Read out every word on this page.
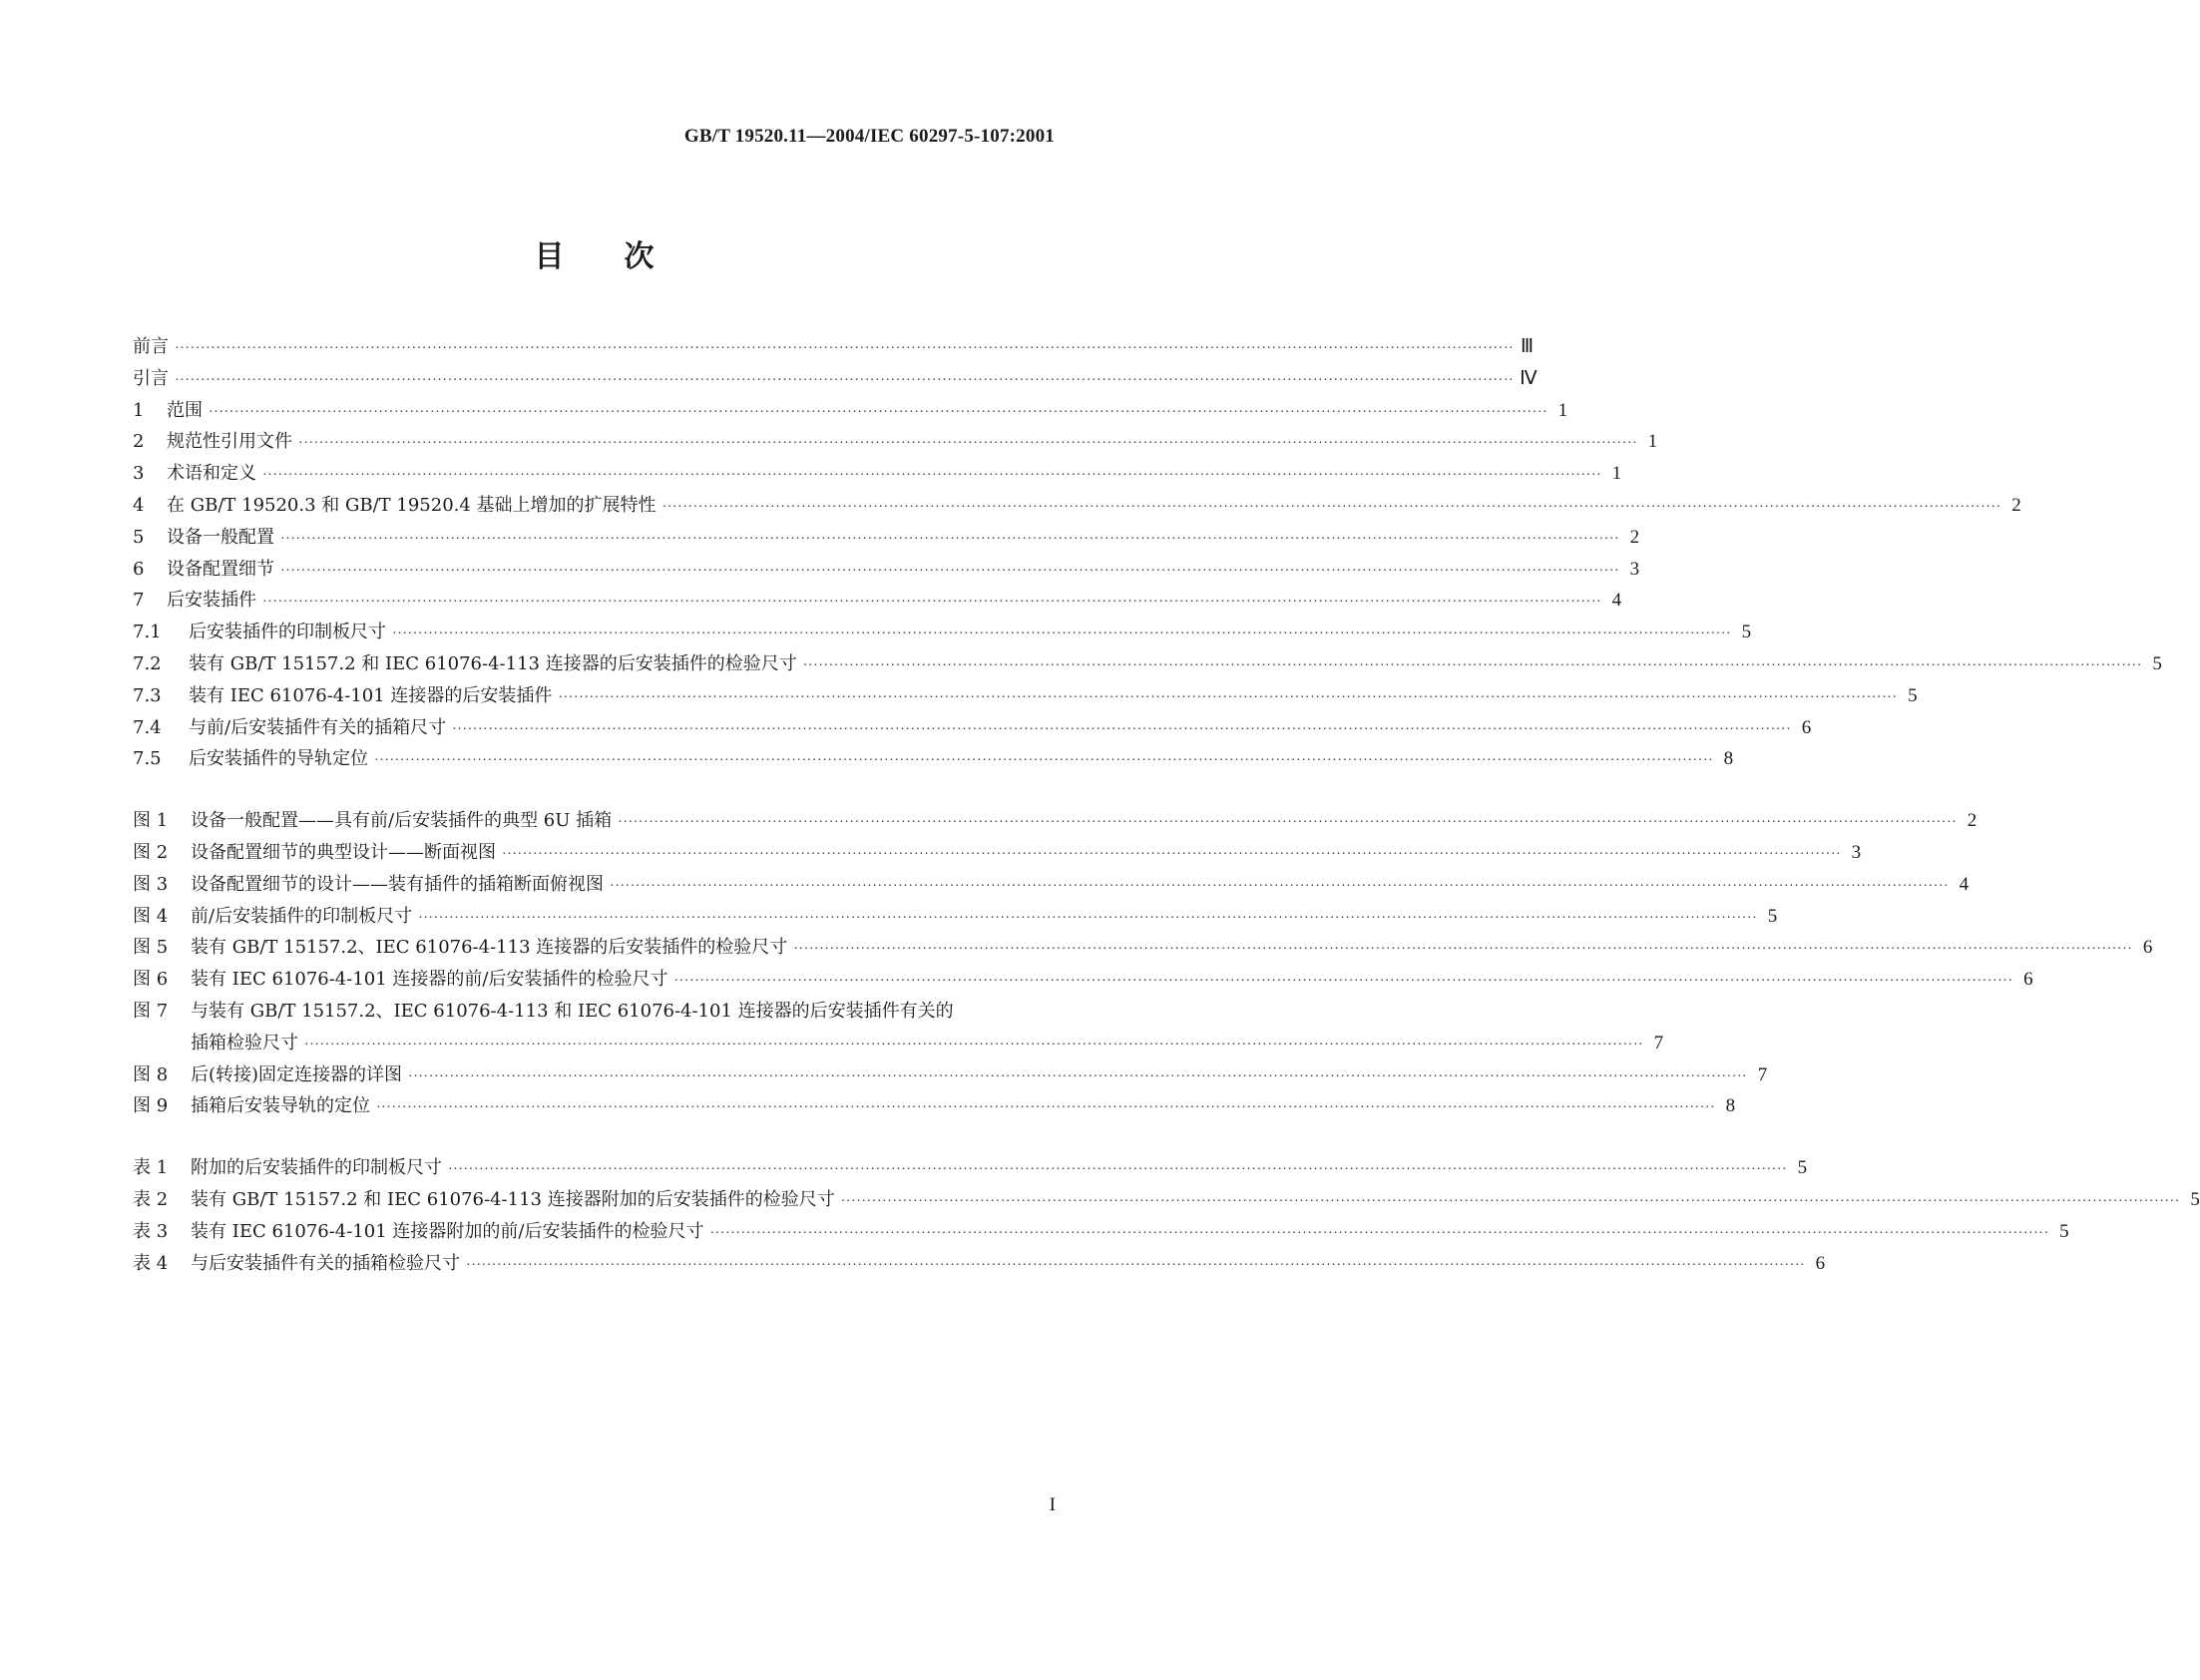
GB/T 19520.11—2004/IEC 60297-5-107:2001
目　　次
前言 ···································································································································································································································································· Ⅲ
引言 ···································································································································································································································································· Ⅳ
1	范围 ···································································································································································································································································· 1
2	规范性引用文件 ···································································································································································································································································· 1
3	术语和定义 ···································································································································································································································································· 1
4	在 GB/T 19520.3 和 GB/T 19520.4 基础上增加的扩展特性 ···································································································································································································································································· 2
5	设备一般配置 ···································································································································································································································································· 2
6	设备配置细节 ···································································································································································································································································· 3
7	后安装插件 ···································································································································································································································································· 4
7.1	后安装插件的印制板尺寸 ···································································································································································································································································· 5
7.2	装有 GB/T 15157.2 和 IEC 61076-4-113 连接器的后安装插件的检验尺寸 ···································································································································································································································································· 5
7.3	装有 IEC 61076-4-101 连接器的后安装插件 ···································································································································································································································································· 5
7.4	与前/后安装插件有关的插箱尺寸 ···································································································································································································································································· 6
7.5	后安装插件的导轨定位 ···································································································································································································································································· 8
图 1	设备一般配置——具有前/后安装插件的典型 6U 插箱 ···································································································································································································································································· 2
图 2	设备配置细节的典型设计——断面视图 ···································································································································································································································································· 3
图 3	设备配置细节的设计——装有插件的插箱断面俯视图 ···································································································································································································································································· 4
图 4	前/后安装插件的印制板尺寸 ···································································································································································································································································· 5
图 5	装有 GB/T 15157.2、IEC 61076-4-113 连接器的后安装插件的检验尺寸 ···································································································································································································································································· 6
图 6	装有 IEC 61076-4-101 连接器的前/后安装插件的检验尺寸 ···································································································································································································································································· 6
图 7	与装有 GB/T 15157.2、IEC 61076-4-113 和 IEC 61076-4-101 连接器的后安装插件有关的
插箱检验尺寸 ···································································································································································································································································· 7
图 8	后(转接)固定连接器的详图 ···································································································································································································································································· 7
图 9	插箱后安装导轨的定位 ···································································································································································································································································· 8
表 1	附加的后安装插件的印制板尺寸 ···································································································································································································································································· 5
表 2	装有 GB/T 15157.2 和 IEC 61076-4-113 连接器附加的后安装插件的检验尺寸 ···································································································································································································································································· 5
表 3	装有 IEC 61076-4-101 连接器附加的前/后安装插件的检验尺寸 ···································································································································································································································································· 5
表 4	与后安装插件有关的插箱检验尺寸 ···································································································································································································································································· 6
I
